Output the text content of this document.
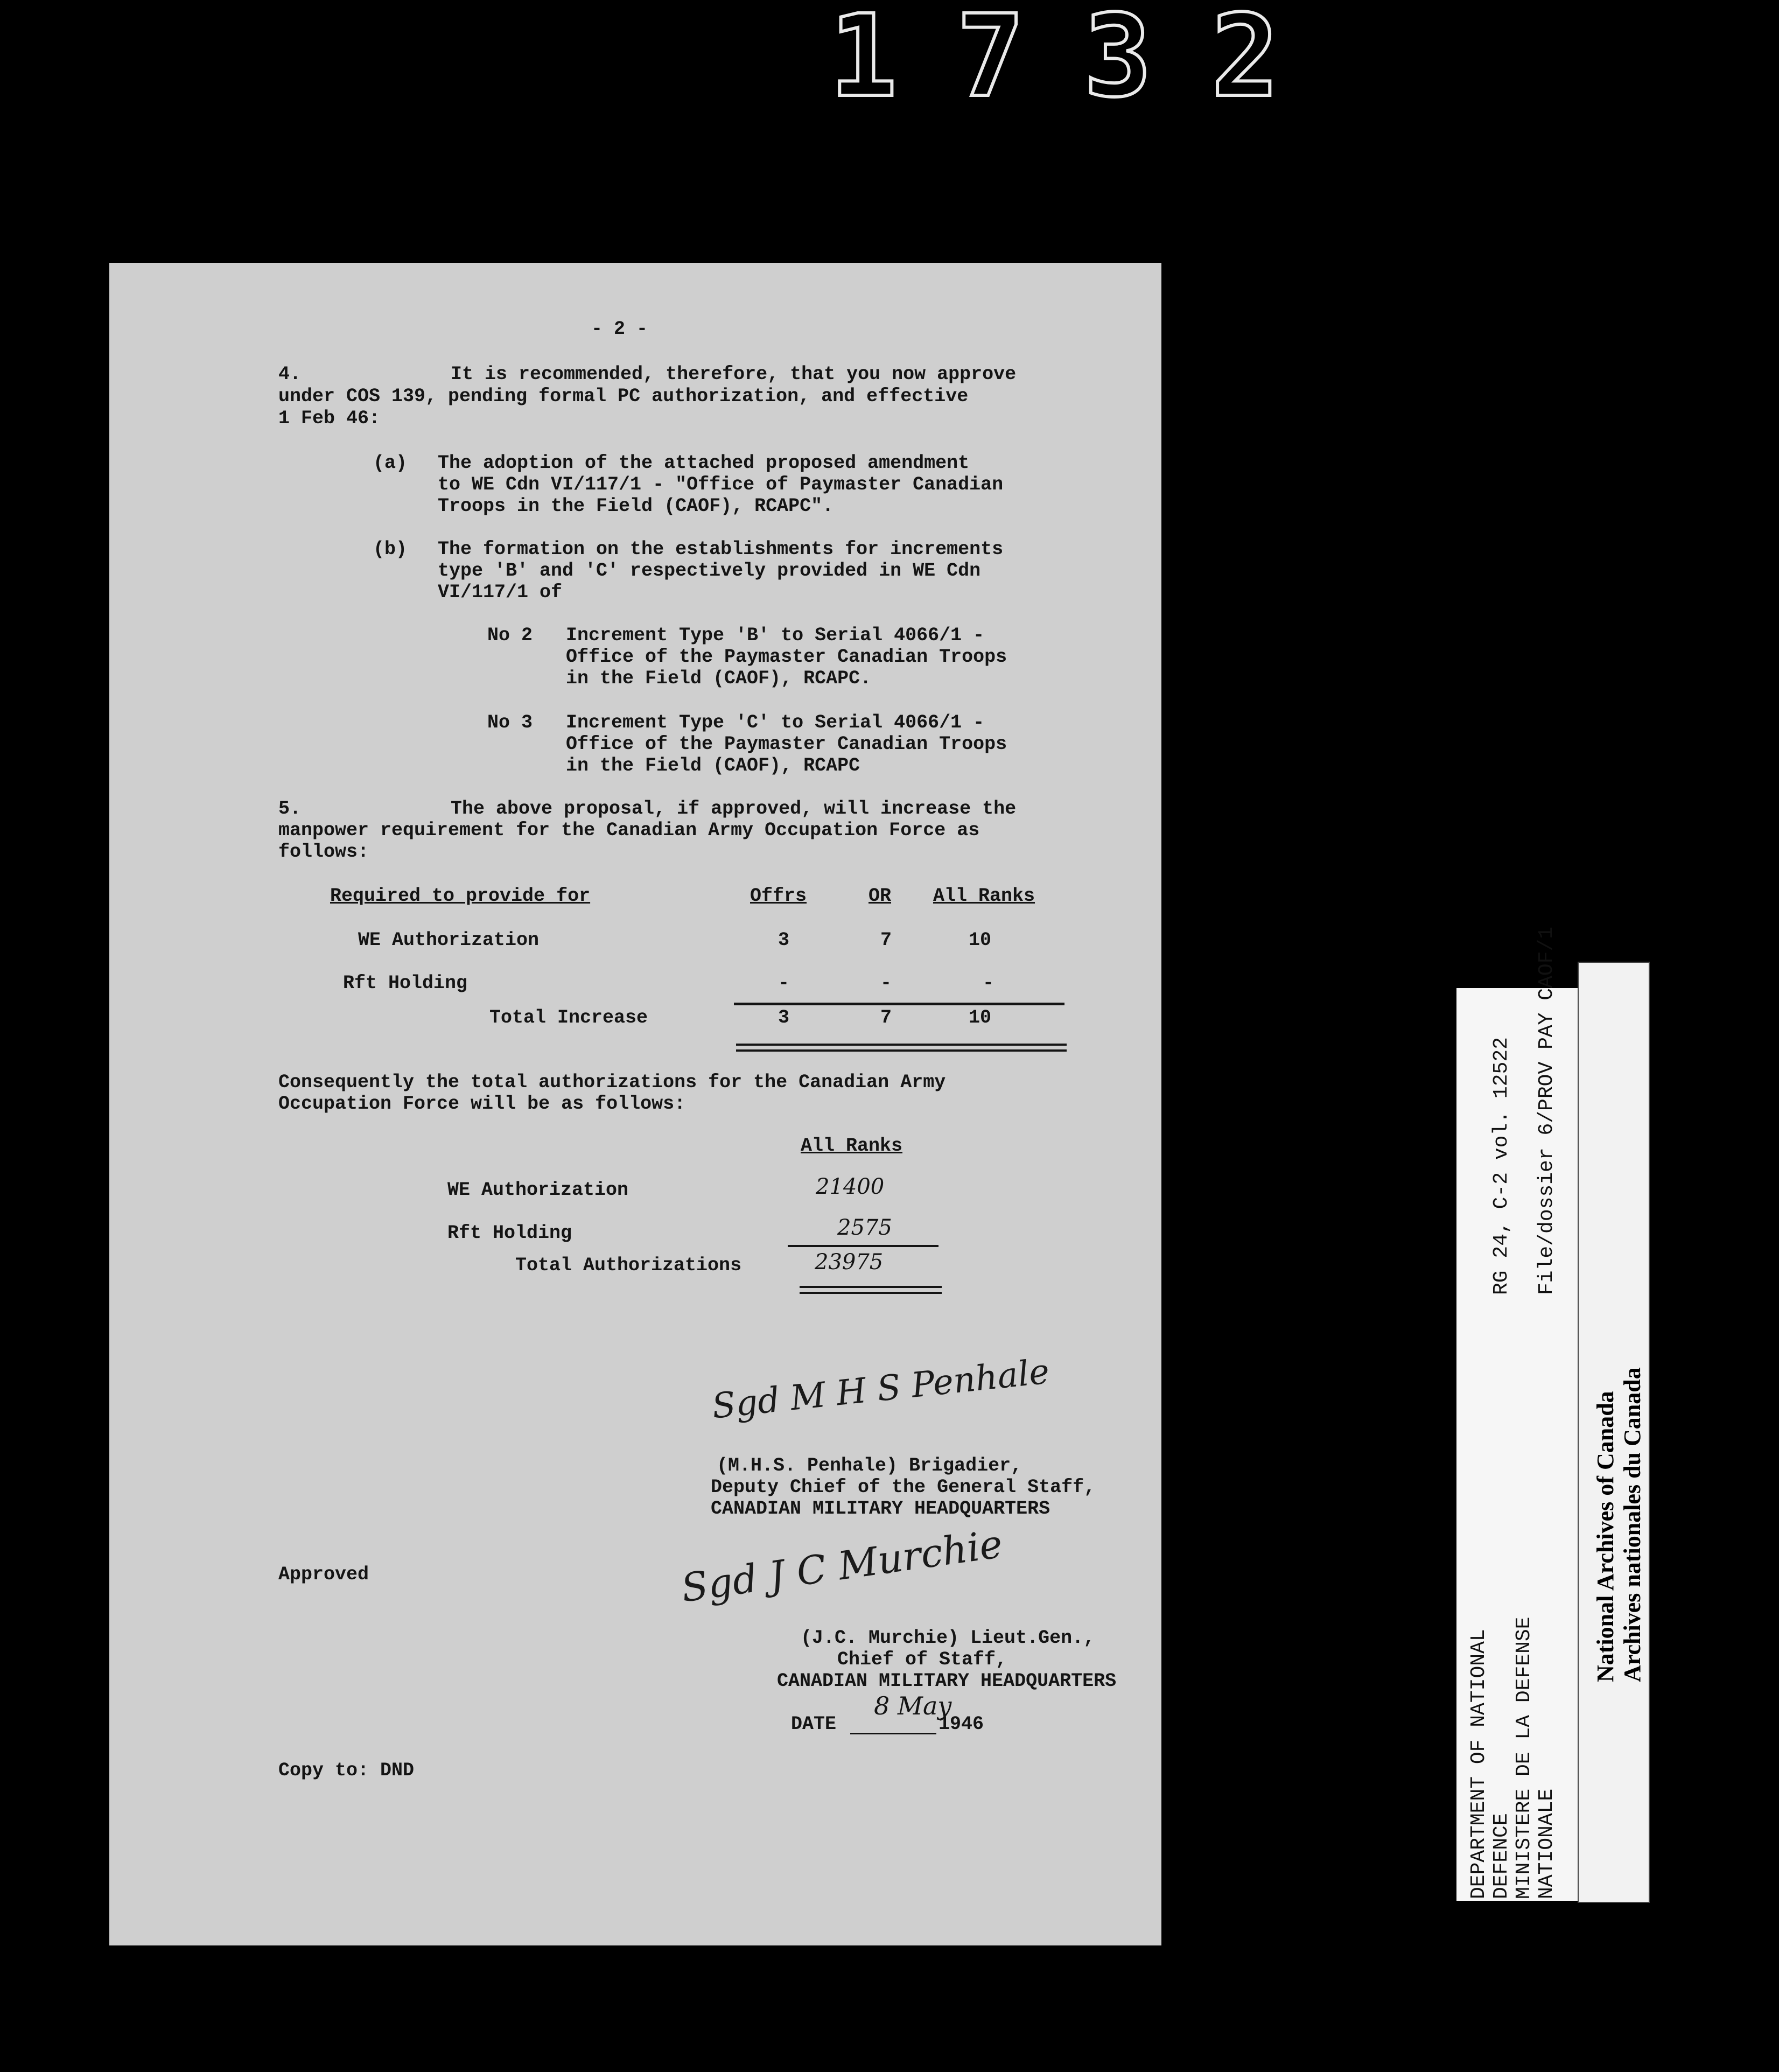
1732
- 2 -
4.	It is recommended, therefore, that you now approve
under COS 139, pending formal PC authorization, and effective
1 Feb 46:
(a) The adoption of the attached proposed amendment
to WE Cdn VI/117/1 - "Office of Paymaster Canadian
Troops in the Field (CAOF), RCAPC".
(b) The formation on the establishments for increments
type 'B' and 'C' respectively provided in WE Cdn
VI/117/1 of
No 2 Increment Type 'B' to Serial 4066/1 -
Office of the Paymaster Canadian Troops
in the Field (CAOF), RCAPC.
No 3 Increment Type 'C' to Serial 4066/1 -
Office of the Paymaster Canadian Troops
in the Field (CAOF), RCAPC
5.	The above proposal, if approved, will increase the
manpower requirement for the Canadian Army Occupation Force as
follows:
Required to provide for	Offrs	OR All Ranks
WE Authorization	3	7	10
Rft Holding	-	-	-
Total Increase	3	7	10
Consequently the total authorizations for the Canadian Army
Occupation Force will be as follows:
All Ranks
WE Authorization	21400
Rft Holding	2575
Total Authorizations	23975
Sgd M H S Penhale
(M.H.S. Penhale) Brigadier,
Deputy Chief of the General Staff,
CANADIAN MILITARY HEADQUARTERS
Approved	Sgd J C Murchie
(J.C. Murchie) Lieut.Gen.,
Chief of Staff,
CANADIAN MILITARY HEADQUARTERS
DATE
8 May
1946
Copy to: DND	DEPARTMENT OF NATIONAL DEFENCE MINISTERE DE LA DEFENSE NATIONALE
RG 24, C-2 vol. 12522 File/dossier 6/PROV PAY CAOF/1
National Archives of Canada Archives nationales du Canada
